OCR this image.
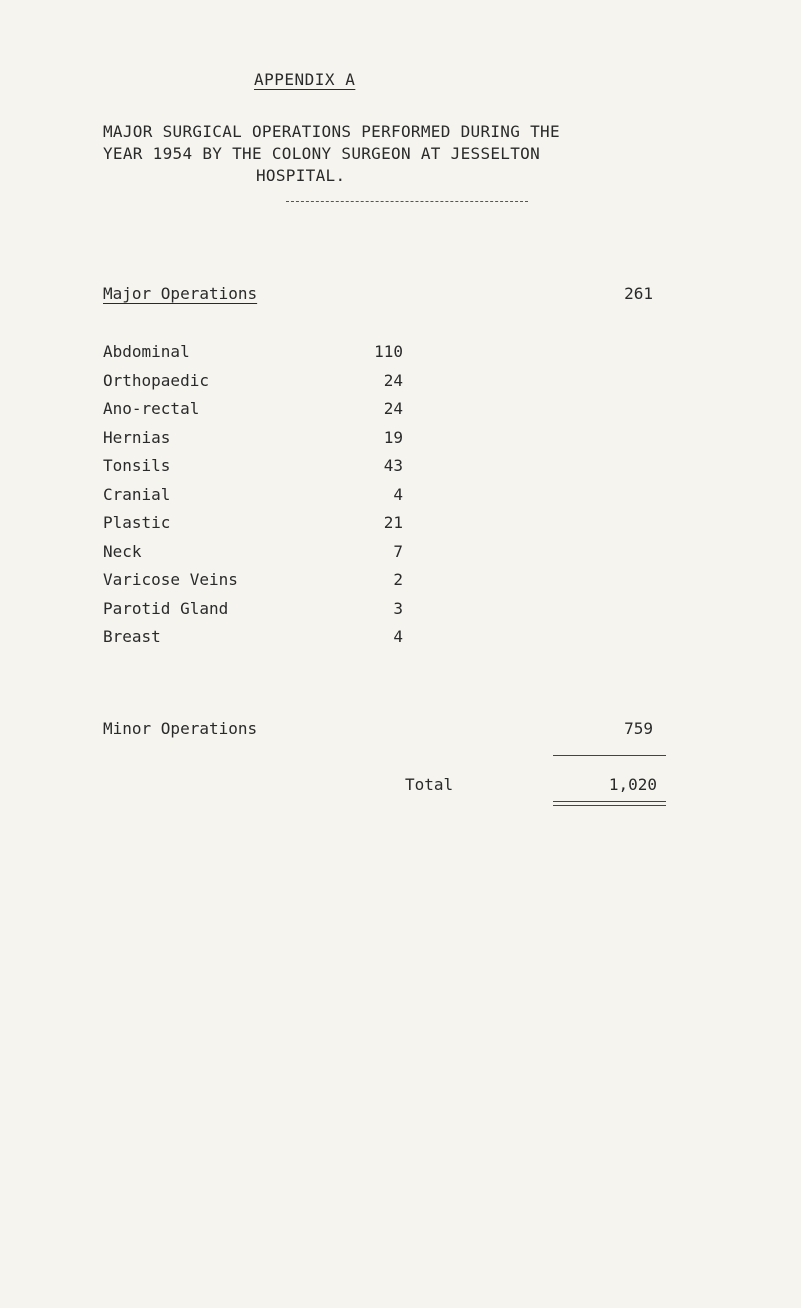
APPENDIX A
MAJOR SURGICAL OPERATIONS PERFORMED DURING THE
YEAR 1954 BY THE COLONY SURGEON AT JESSELTON
HOSPITAL.
Major Operations	261
Abdominal	110
Orthopaedic	24
Ano-rectal	24
Hernias	19
Tonsils	43
Cranial	4
Plastic	21
Neck	7
Varicose Veins	2
Parotid Gland	3
Breast	4
Minor Operations	759
Total	1,020
